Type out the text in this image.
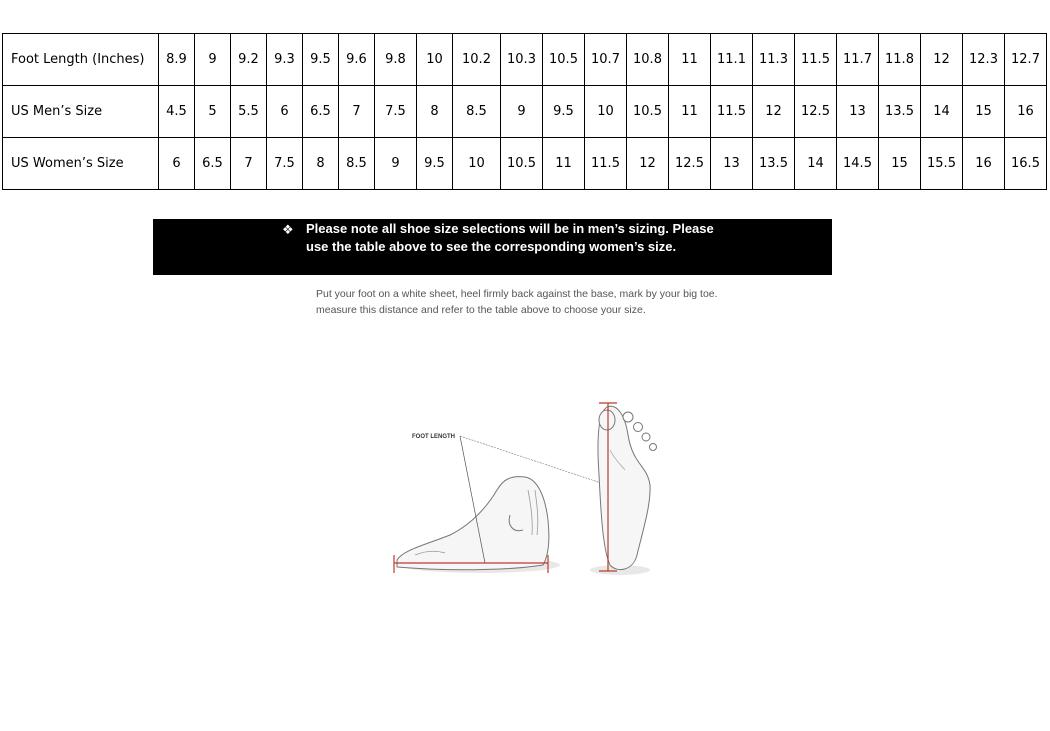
Foot Length (Inches)	8.9	9	9.2	9.3	9.5	9.6	9.8	10	10.2	10.3	10.5	10.7	10.8	11	11.1	11.3	11.5	11.7	11.8	12	12.3	12.7
US Men’s Size	4.5	5	5.5	6	6.5	7	7.5	8	8.5	9	9.5	10	10.5	11	11.5	12	12.5	13	13.5	14	15	16
US Women’s Size	6	6.5	7	7.5	8	8.5	9	9.5	10	10.5	11	11.5	12	12.5	13	13.5	14	14.5	15	15.5	16	16.5
❖ Please note all shoe size selections will be in men’s sizing. Please use the table above to see the corresponding women’s size.
Put your foot on a white sheet, heel firmly back against the base, mark by your big toe.
measure this distance and refer to the table above to choose your size.
FOOT LENGTH
